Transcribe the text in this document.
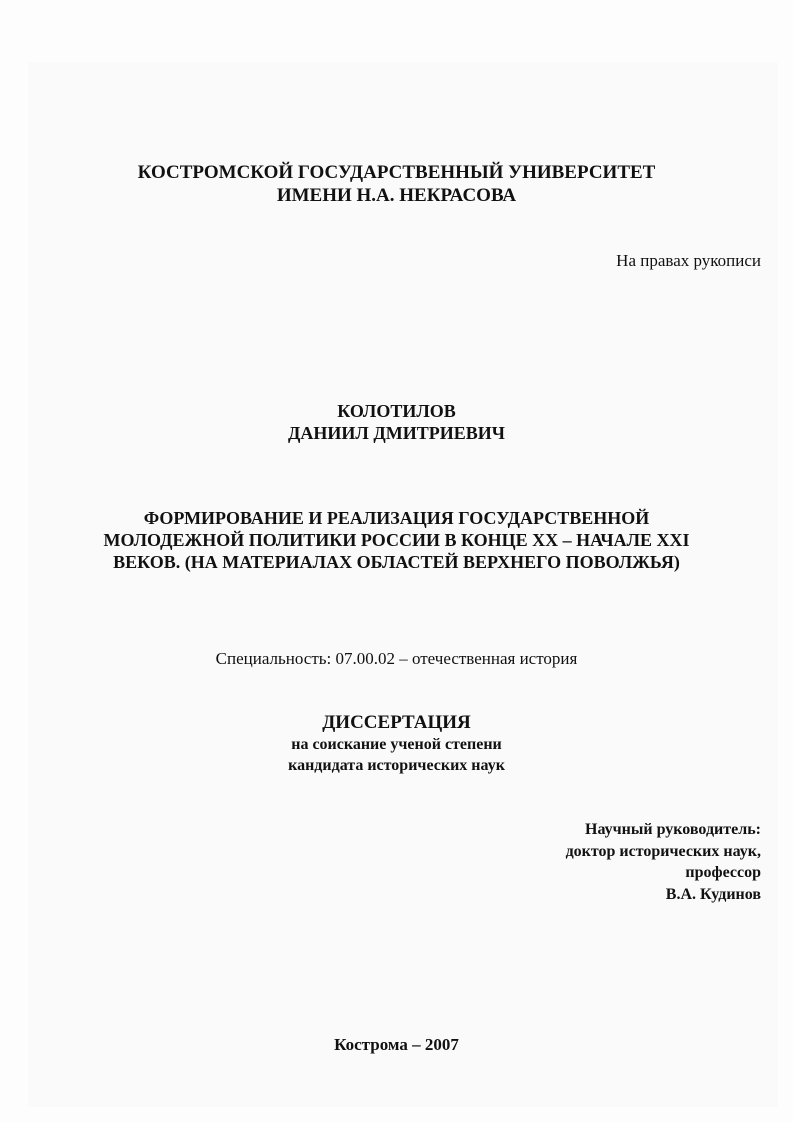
КОСТРОМСКОЙ ГОСУДАРСТВЕННЫЙ УНИВЕРСИТЕТ

ИМЕНИ Н.А. НЕКРАСОВА

На правах рукописи

КОЛОТИЛОВ

ДАНИИЛ ДМИТРИЕВИЧ

ФОРМИРОВАНИЕ И РЕАЛИЗАЦИЯ ГОСУДАРСТВЕННОЙ

МОЛОДЕЖНОЙ ПОЛИТИКИ РОССИИ В КОНЦЕ XX – НАЧАЛЕ XXI

ВЕКОВ. (НА МАТЕРИАЛАХ ОБЛАСТЕЙ ВЕРХНЕГО ПОВОЛЖЬЯ)

Специальность: 07.00.02 – отечественная история

ДИССЕРТАЦИЯ

на соискание ученой степени

кандидата исторических наук

Научный руководитель:

доктор исторических наук,

профессор

В.А. Кудинов

Кострома – 2007
